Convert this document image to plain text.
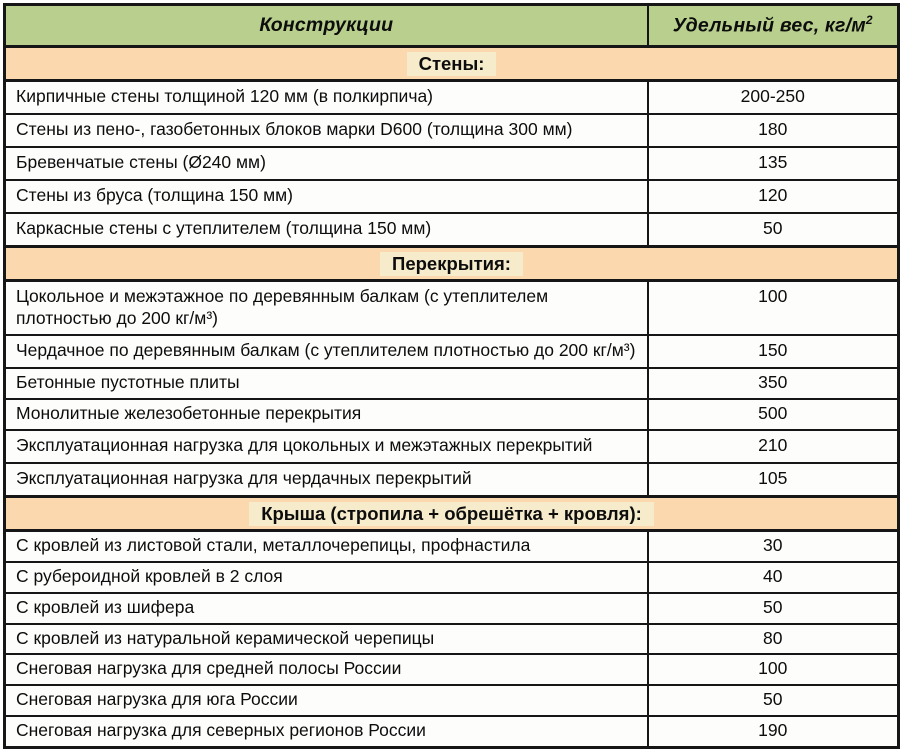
Конструкции	Удельный вес, $кг/м^2$
Стены:	
Кирпичные стены толщиной 120 мм (в полкирпича)	200-250
Стены из пено-, газобетонных блоков марки D600 (толщина 300 мм)	180
Бревенчатые стены (Ø240 мм)	135
Стены из бруса (толщина 150 мм)	120
Каркасные стены с утеплителем (толщина 150 мм)	50
Перекрытия:	
Цокольное и межэтажное по деревянным балкам (с утеплителем плотностью до 200 кг/м³)	100
Чердачное по деревянным балкам (с утеплителем плотностью до 200 кг/м³)	150
Бетонные пустотные плиты	350
Монолитные железобетонные перекрытия	500
Эксплуатационная нагрузка для цокольных и межэтажных перекрытий	210
Эксплуатационная нагрузка для чердачных перекрытий	105
Крыша (стропила + обрешётка + кровля):	
С кровлей из листовой стали, металлочерепицы, профнастила	30
С рубероидной кровлей в 2 слоя	40
С кровлей из шифера	50
С кровлей из натуральной керамической черепицы	80
Снеговая нагрузка для средней полосы России	100
Снеговая нагрузка для юга России	50
Снеговая нагрузка для северных регионов России	190
